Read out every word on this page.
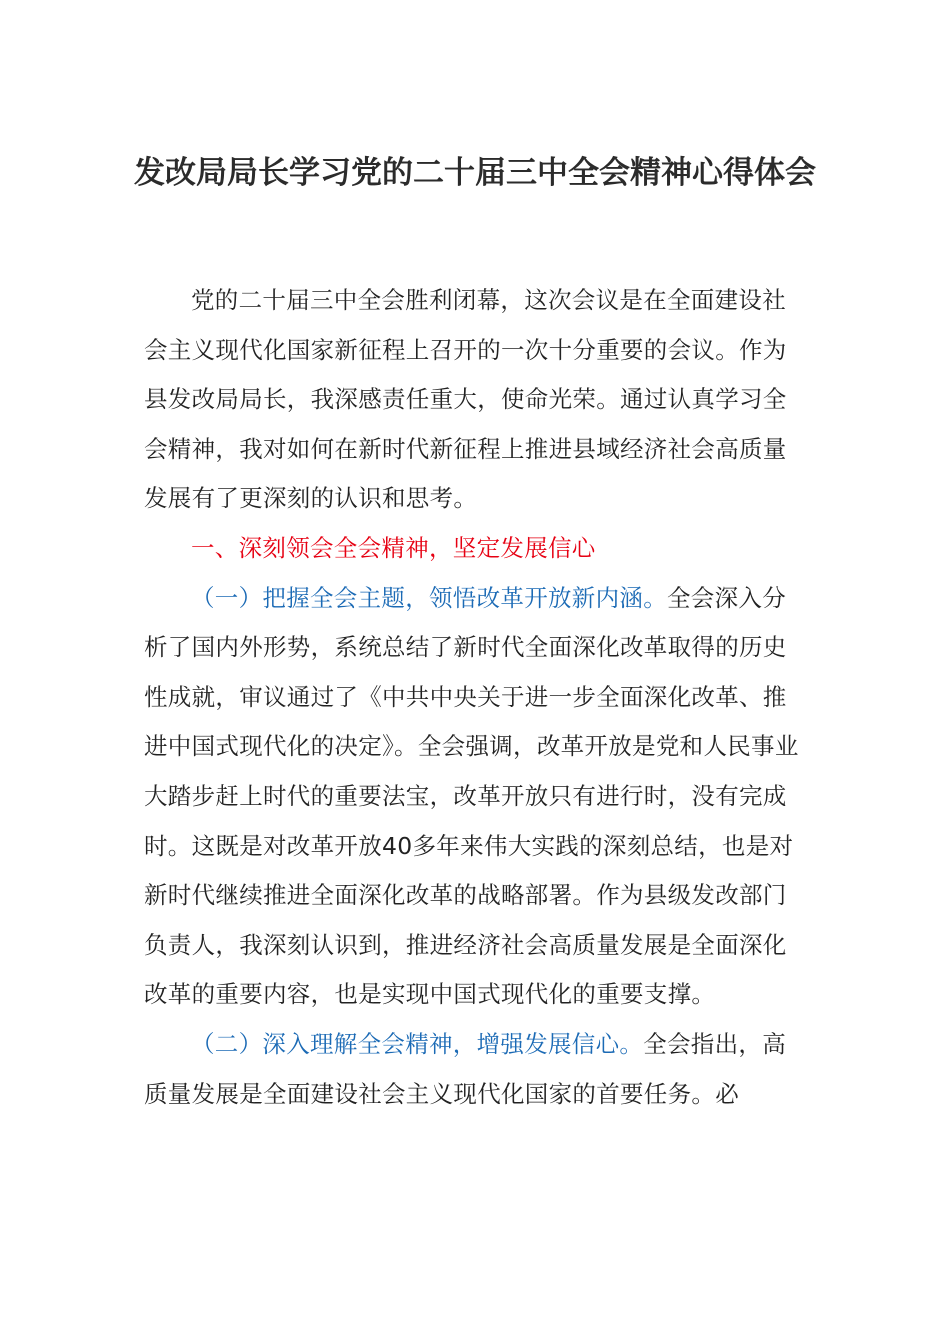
发改局局长学习党的二十届三中全会精神心得体会

党的二十届三中全会胜利闭幕，这次会议是在全面建设社会主义现代化国家新征程上召开的一次十分重要的会议。作为县发改局局长，我深感责任重大，使命光荣。通过认真学习全会精神，我对如何在新时代新征程上推进县域经济社会高质量发展有了更深刻的认识和思考。

一、深刻领会全会精神，坚定发展信心

（一）把握全会主题，领悟改革开放新内涵。全会深入分析了国内外形势，系统总结了新时代全面深化改革取得的历史性成就，审议通过了《中共中央关于进一步全面深化改革、推进中国式现代化的决定》。全会强调，改革开放是党和人民事业大踏步赶上时代的重要法宝，改革开放只有进行时，没有完成时。这既是对改革开放40多年来伟大实践的深刻总结，也是对新时代继续推进全面深化改革的战略部署。作为县级发改部门负责人，我深刻认识到，推进经济社会高质量发展是全面深化改革的重要内容，也是实现中国式现代化的重要支撑。

（二）深入理解全会精神，增强发展信心。全会指出，高质量发展是全面建设社会主义现代化国家的首要任务。必
